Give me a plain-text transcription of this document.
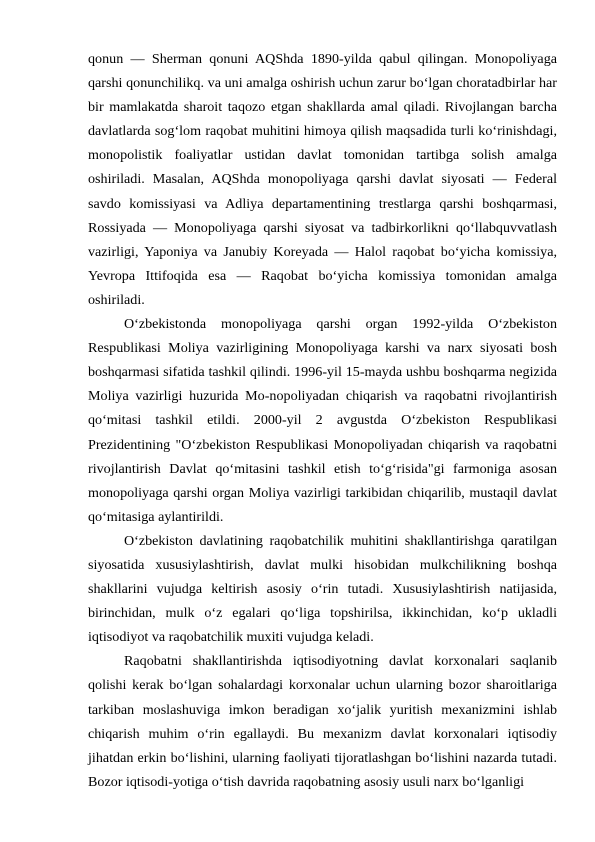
qonun — Sherman qonuni AQShda 1890-yilda qabul qilingan. Monopoliyaga qarshi qonunchilikq. va uni amalga oshirish uchun zarur bo‘lgan choratadbirlar har bir mamlakatda sharoit taqozo etgan shakllarda amal qiladi. Rivojlangan barcha davlatlarda sog‘lom raqobat muhitini himoya qilish maqsadida turli ko‘rinishdagi, monopolistik foaliyatlar ustidan davlat tomonidan tartibga solish amalga oshiriladi. Masalan, AQShda monopoliyaga qarshi davlat siyosati — Federal savdo komissiyasi va Adliya departamentining trestlarga qarshi boshqarmasi, Rossiyada — Monopoliyaga qarshi siyosat va tadbirkorlikni qo‘llabquvvatlash vazirligi, Yaponiya va Janubiy Koreyada — Halol raqobat bo‘yicha komissiya, Yevropa Ittifoqida esa — Raqobat bo‘yicha komissiya tomonidan amalga oshiriladi.

O‘zbekistonda monopoliyaga qarshi organ 1992-yilda O‘zbekiston Respublikasi Moliya vazirligining Monopoliyaga karshi va narx siyosati bosh boshqarmasi sifatida tashkil qilindi. 1996-yil 15-mayda ushbu boshqarma negizida Moliya vazirligi huzurida Mo-nopoliyadan chiqarish va raqobatni rivojlantirish qo‘mitasi tashkil etildi. 2000-yil 2 avgustda O‘zbekiston Respublikasi Prezidentining "O‘zbekiston Respublikasi Monopoliyadan chiqarish va raqobatni rivojlantirish Davlat qo‘mitasini tashkil etish to‘g‘risida"gi farmoniga asosan monopoliyaga qarshi organ Moliya vazirligi tarkibidan chiqarilib, mustaqil davlat qo‘mitasiga aylantirildi.

O‘zbekiston davlatining raqobatchilik muhitini shakllantirishga qaratilgan siyosatida xususiylashtirish, davlat mulki hisobidan mulkchilikning boshqa shakllarini vujudga keltirish asosiy o‘rin tutadi. Xususiylashtirish natijasida, birinchidan, mulk o‘z egalari qo‘liga topshirilsa, ikkinchidan, ko‘p ukladli iqtisodiyot va raqobatchilik muxiti vujudga keladi.

Raqobatni shakllantirishda iqtisodiyotning davlat korxonalari saqlanib qolishi kerak bo‘lgan sohalardagi korxonalar uchun ularning bozor sharoitlariga tarkiban moslashuviga imkon beradigan xo‘jalik yuritish mexanizmini ishlab chiqarish muhim o‘rin egallaydi. Bu mexanizm davlat korxonalari iqtisodiy jihatdan erkin bo‘lishini, ularning faoliyati tijoratlashgan bo‘lishini nazarda tutadi. Bozor iqtisodi-yotiga o‘tish davrida raqobatning asosiy usuli narx bo‘lganligi
